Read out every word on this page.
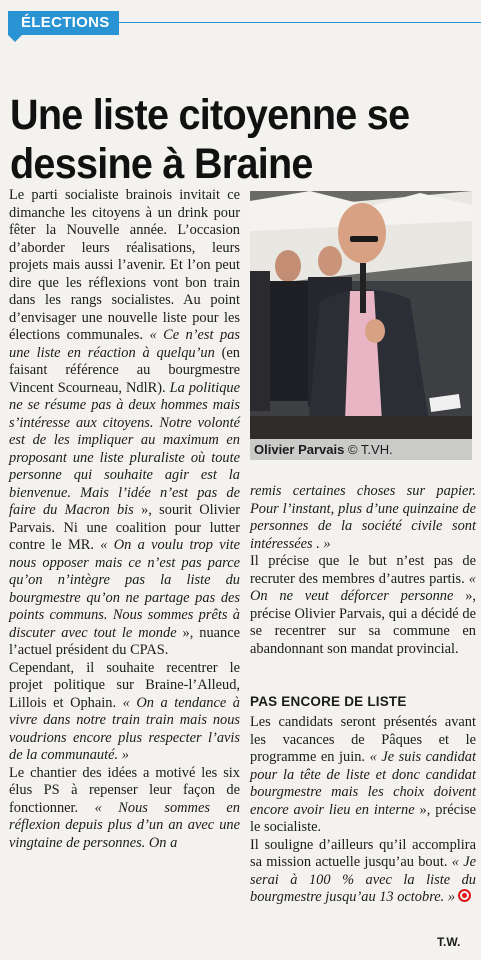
ÉLECTIONS
Une liste citoyenne se dessine à Braine

Le parti socialiste brainois invitait ce dimanche les citoyens à un drink pour fêter la Nouvelle année. L’occasion d’aborder leurs réalisations, leurs projets mais aussi l’avenir. Et l’on peut dire que les réflexions vont bon train dans les rangs socialistes. Au point d’envisager une nouvelle liste pour les élections communales. « Ce n’est pas une liste en réaction à quelqu’un (en faisant référence au bourgmestre Vincent Scourneau, NdlR). La politique ne se résume pas à deux hommes mais s’intéresse aux citoyens. Notre volonté est de les impliquer au maximum en proposant une liste pluraliste où toute personne qui souhaite agir est la bienvenue. Mais l’idée n’est pas de faire du Macron bis », sourit Olivier Parvais. Ni une coalition pour lutter contre le MR. « On a voulu trop vite nous opposer mais ce n’est pas parce qu’on n’intègre pas la liste du bourgmestre qu’on ne partage pas des points communs. Nous sommes prêts à discuter avec tout le monde », nuance l’actuel président du CPAS.

Cependant, il souhaite recentrer le projet politique sur Braine-l’Alleud, Lillois et Ophain. « On a tendance à vivre dans notre train train mais nous voudrions encore plus respecter l’avis de la communauté. »

Le chantier des idées a motivé les six élus PS à repenser leur façon de fonctionner. « Nous sommes en réflexion depuis plus d’un an avec une vingtaine de personnes. On a

Olivier Parvais © T.VH.

remis certaines choses sur papier. Pour l’instant, plus d’une quinzaine de personnes de la société civile sont intéressées . »

Il précise que le but n’est pas de recruter des membres d’autres partis. « On ne veut déforcer personne », précise Olivier Parvais, qui a décidé de se recentrer sur sa commune en abandonnant son mandat provincial.

PAS ENCORE DE LISTE

Les candidats seront présentés avant les vacances de Pâques et le programme en juin. « Je suis candidat pour la tête de liste et donc candidat bourgmestre mais les choix doivent encore avoir lieu en interne », précise le socialiste.

Il souligne d’ailleurs qu’il accomplira sa mission actuelle jusqu’au bout. « Je serai à 100 % avec la liste du bourgmestre jusqu’au 13 octobre. »

T.W.
